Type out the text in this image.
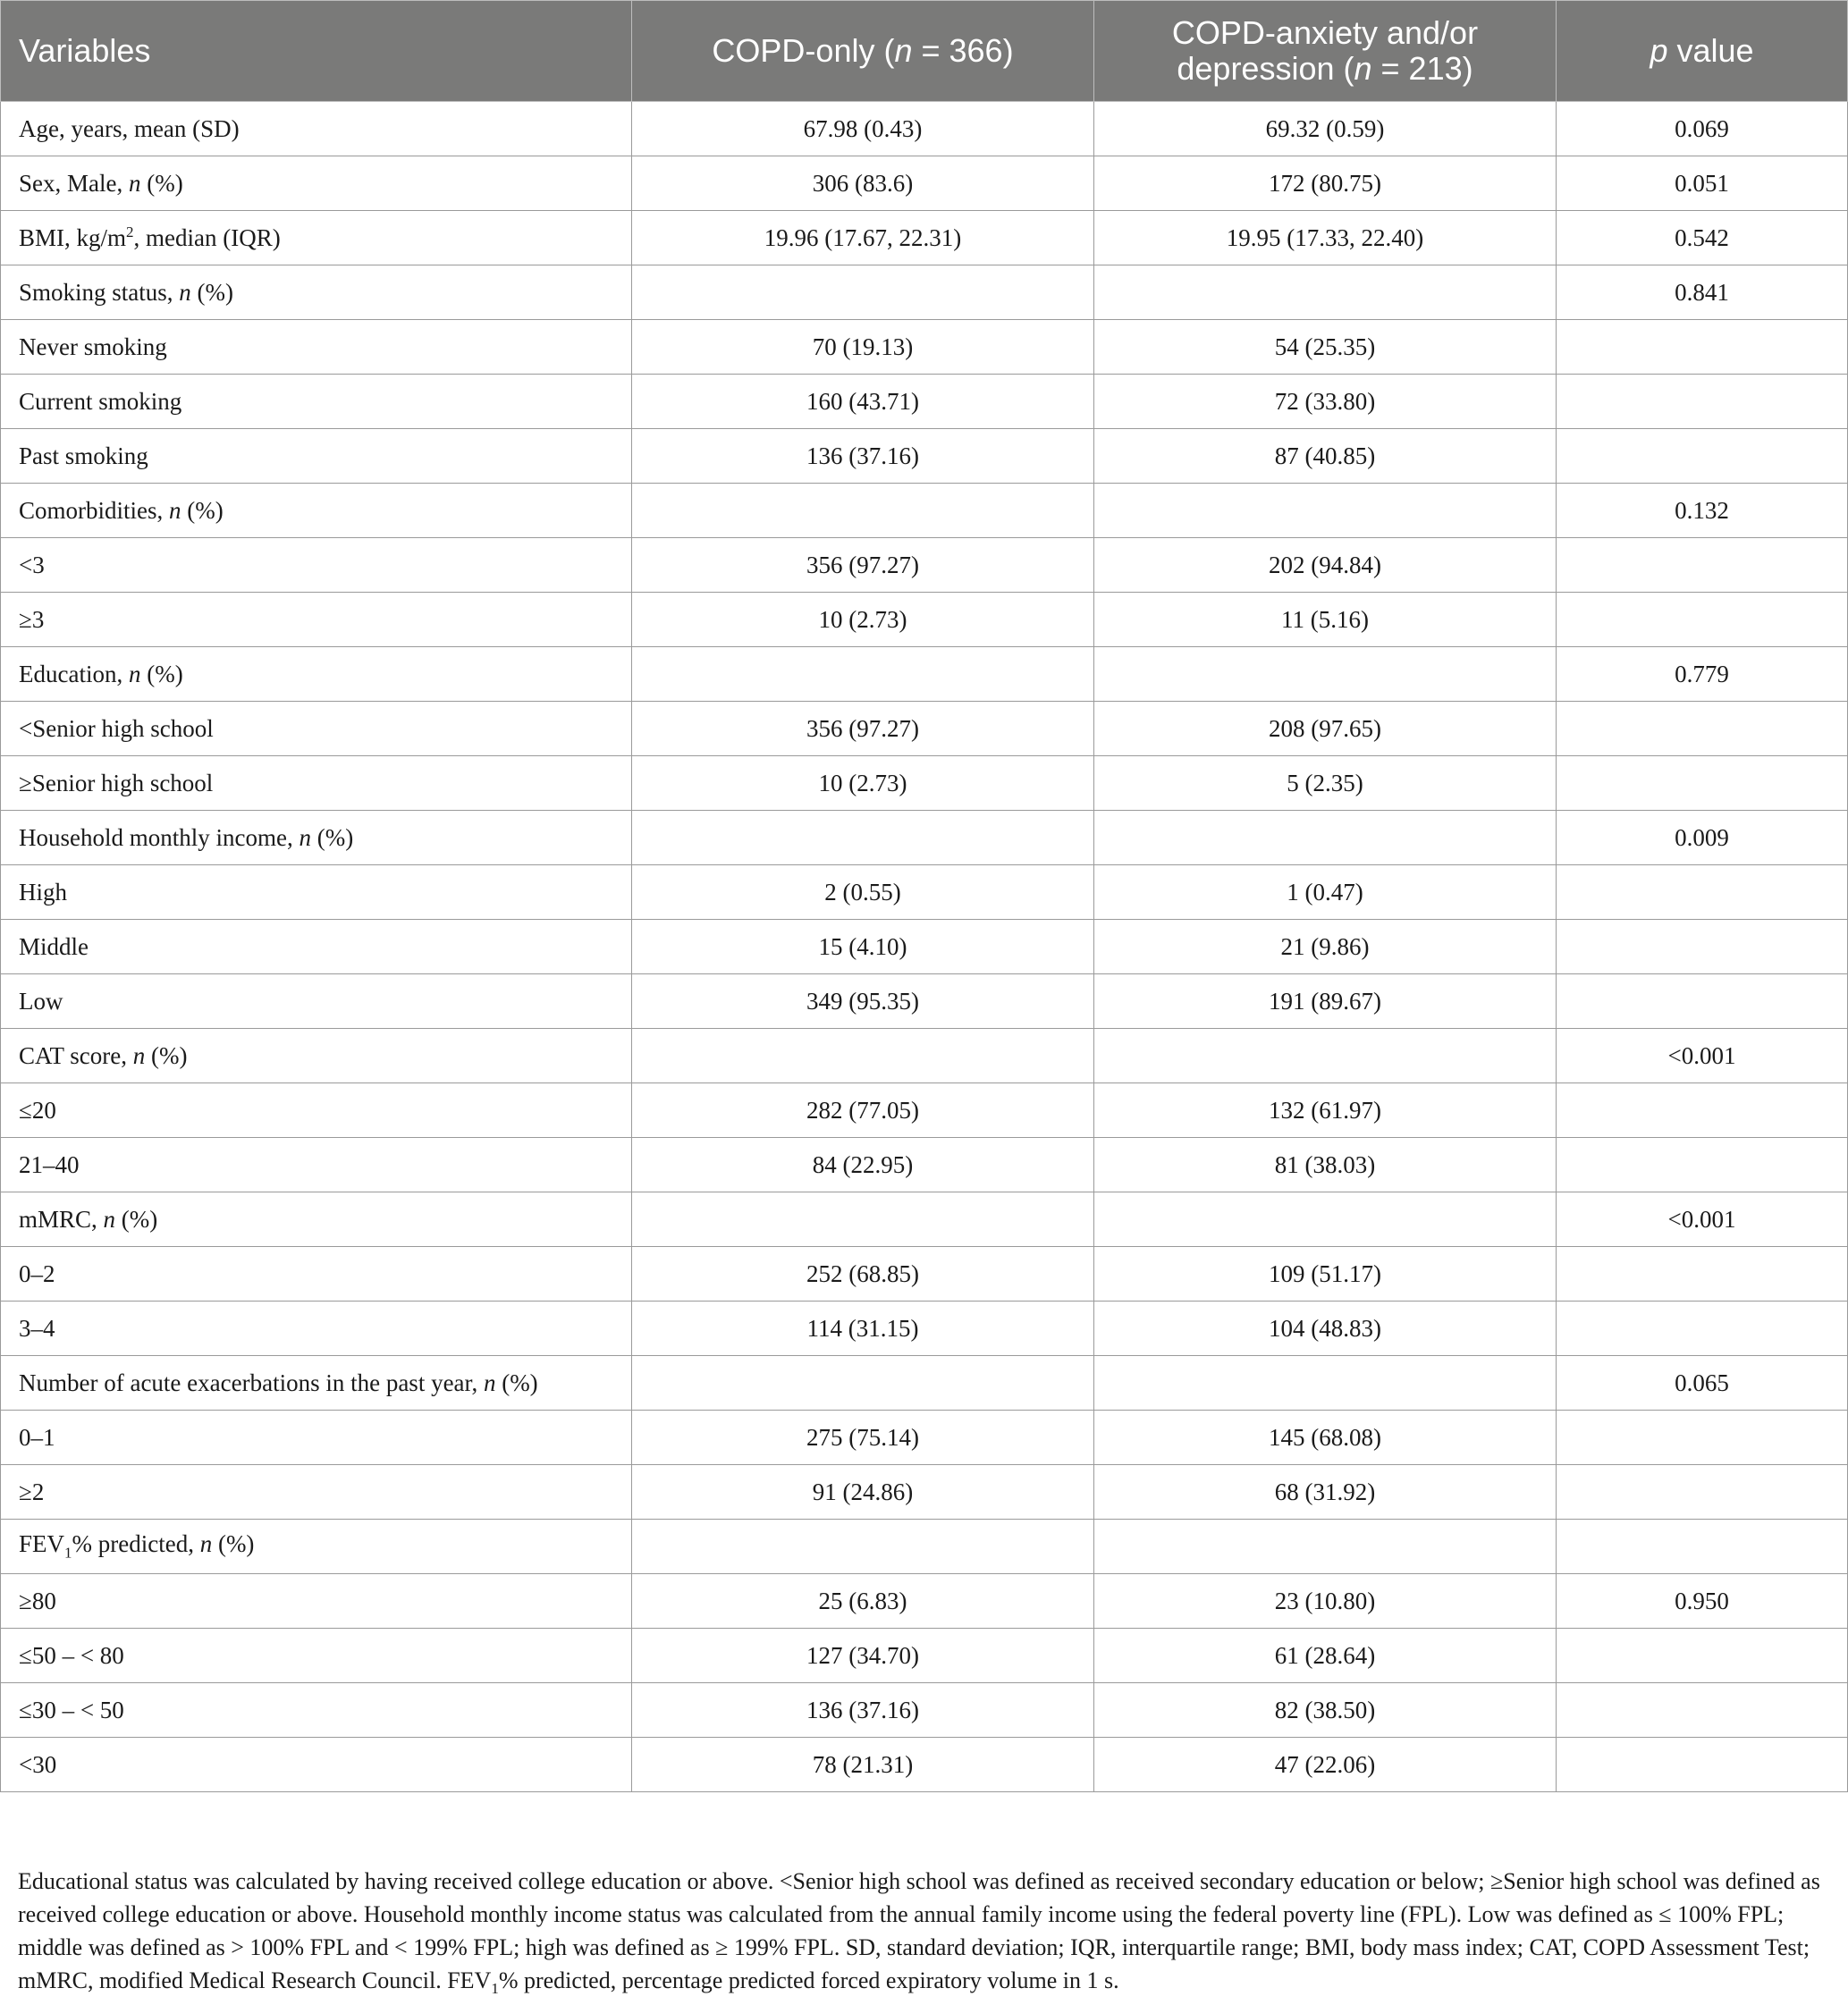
Variables	COPD-only (n = 366)	COPD-anxiety and/or
depression (n = 213)	p value
Age, years, mean (SD)	67.98 (0.43)	69.32 (0.59)	0.069
Sex, Male, n (%)	306 (83.6)	172 (80.75)	0.051
BMI, $kg/m^2$, median (IQR)	19.96 (17.67, 22.31)	19.95 (17.33, 22.40)	0.542
Smoking status, n (%)			0.841
Never smoking	70 (19.13)	54 (25.35)	
Current smoking	160 (43.71)	72 (33.80)	
Past smoking	136 (37.16)	87 (40.85)	
Comorbidities, n (%)			0.132
<3	356 (97.27)	202 (94.84)	
≥3	10 (2.73)	11 (5.16)	
Education, n (%)			0.779
<Senior high school	356 (97.27)	208 (97.65)	
≥Senior high school	10 (2.73)	5 (2.35)	
Household monthly income, n (%)			0.009
High	2 (0.55)	1 (0.47)	
Middle	15 (4.10)	21 (9.86)	
Low	349 (95.35)	191 (89.67)	
CAT score, n (%)			<0.001
≤20	282 (77.05)	132 (61.97)	
21–40	84 (22.95)	81 (38.03)	
mMRC, n (%)			<0.001
0–2	252 (68.85)	109 (51.17)	
3–4	114 (31.15)	104 (48.83)	
Number of acute exacerbations in the past year, n (%)			0.065
0–1	275 (75.14)	145 (68.08)	
≥2	91 (24.86)	68 (31.92)	
$FEV_1\%$ predicted, n (%)			
≥80	25 (6.83)	23 (10.80)	0.950
≤50 – < 80	127 (34.70)	61 (28.64)	
≤30 – < 50	136 (37.16)	82 (38.50)	
<30	78 (21.31)	47 (22.06)	
Educational status was calculated by having received college education or above. <Senior high school was defined as received secondary education or below; ≥Senior high school was defined as received college education or above. Household monthly income status was calculated from the annual family income using the federal poverty line (FPL). Low was defined as ≤ 100% FPL; middle was defined as > 100% FPL and < 199% FPL; high was defined as ≥ 199% FPL. SD, standard deviation; IQR, interquartile range; BMI, body mass index; CAT, COPD Assessment Test; mMRC, modified Medical Research Council. $FEV_1\%$ predicted, percentage predicted forced expiratory volume in 1 s.
